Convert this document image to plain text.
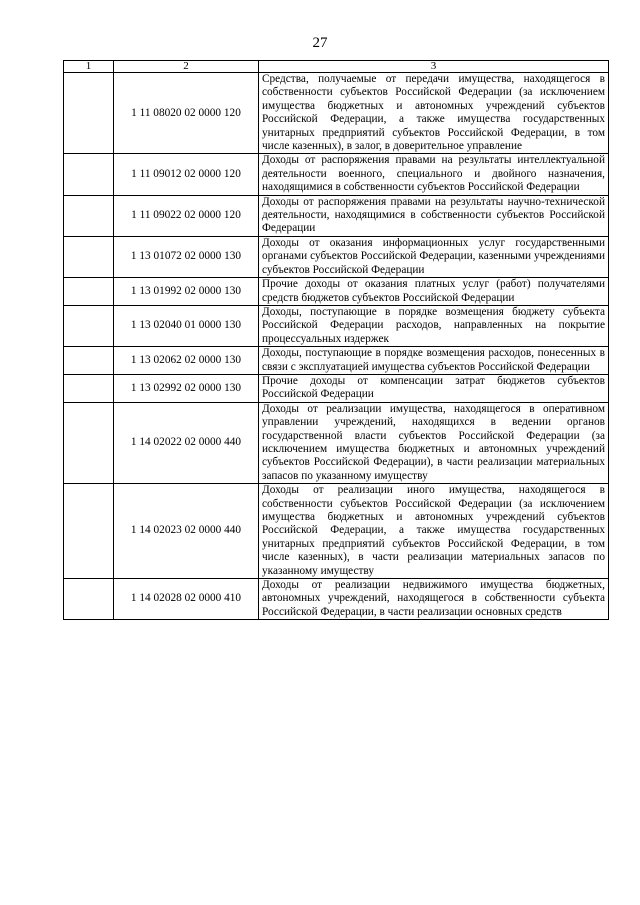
27
1	2	3
	1 11 08020 02 0000 120	Средства, получаемые от передачи имущества, находящегося в собственности субъектов Российской Федерации (за исключением имущества бюджетных и автономных учреждений субъектов Российской Федерации, а также имущества государственных унитарных предприятий субъектов Российской Федерации, в том числе казенных), в залог, в доверительное управление
	1 11 09012 02 0000 120	Доходы от распоряжения правами на результаты интеллектуальной деятельности военного, специального и двойного назначения, находящимися в собственности субъектов Российской Федерации
	1 11 09022 02 0000 120	Доходы от распоряжения правами на результаты научно-технической деятельности, находящимися в собственности субъектов Российской Федерации
	1 13 01072 02 0000 130	Доходы от оказания информационных услуг государственными органами субъектов Российской Федерации, казенными учреждениями субъектов Российской Федерации
	1 13 01992 02 0000 130	Прочие доходы от оказания платных услуг (работ) получателями средств бюджетов субъектов Российской Федерации
	1 13 02040 01 0000 130	Доходы, поступающие в порядке возмещения бюджету субъекта Российской Федерации расходов, направленных на покрытие процессуальных издержек
	1 13 02062 02 0000 130	Доходы, поступающие в порядке возмещения расходов, понесенных в связи с эксплуатацией имущества субъектов Российской Федерации
	1 13 02992 02 0000 130	Прочие доходы от компенсации затрат бюджетов субъектов Российской Федерации
	1 14 02022 02 0000 440	Доходы от реализации имущества, находящегося в оперативном управлении учреждений, находящихся в ведении органов государственной власти субъектов Российской Федерации (за исключением имущества бюджетных и автономных учреждений субъектов Российской Федерации), в части реализации материальных запасов по указанному имуществу
	1 14 02023 02 0000 440	Доходы от реализации иного имущества, находящегося в собственности субъектов Российской Федерации (за исключением имущества бюджетных и автономных учреждений субъектов Российской Федерации, а также имущества государственных унитарных предприятий субъектов Российской Федерации, в том числе казенных), в части реализации материальных запасов по указанному имуществу
	1 14 02028 02 0000 410	Доходы от реализации недвижимого имущества бюджетных, автономных учреждений, находящегося в собственности субъекта Российской Федерации, в части реализации основных средств
